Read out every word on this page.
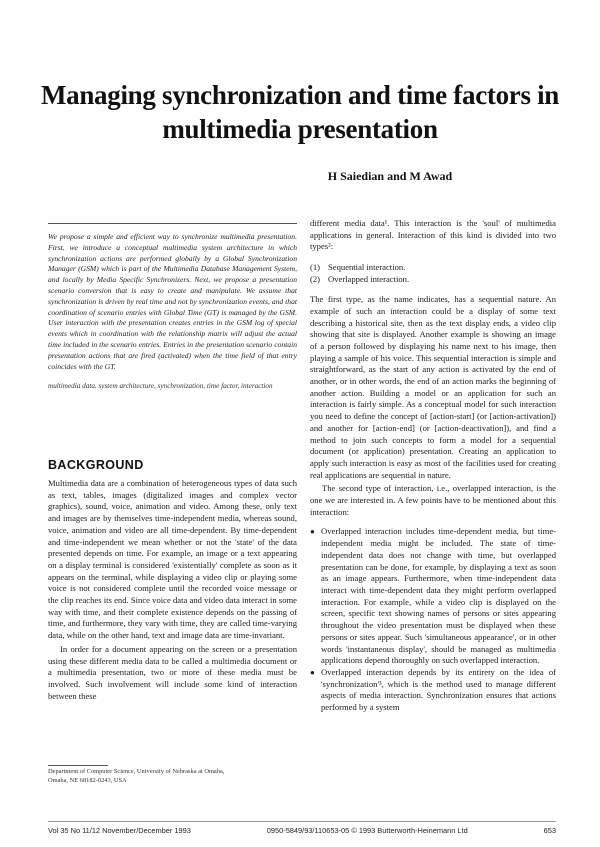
Managing synchronization and time factors in multimedia presentation
H Saiedian and M Awad

We propose a simple and efficient way to synchronize multimedia presentation. First, we introduce a conceptual multimedia system architecture in which synchronization actions are performed globally by a Global Synchronization Manager (GSM) which is part of the Multimedia Database Management System, and locally by Media Specific Synchronizers. Next, we propose a presentation scenario conversion that is easy to create and manipulate. We assume that synchronization is driven by real time and not by synchronization events, and that coordination of scenario entries with Global Time (GT) is managed by the GSM. User interaction with the presentation creates entries in the GSM log of special events which in coordination with the relationship matrix will adjust the actual time included in the scenario entries. Entries in the presentation scenario contain presentation actions that are fired (activated) when the time field of that entry coincides with the GT.

multimedia data, system architecture, synchronization, time factor, interaction

BACKGROUND

Multimedia data are a combination of heterogeneous types of data such as text, tables, images (digitalized images and complex vector graphics), sound, voice, animation and video. Among these, only text and images are by themselves time-independent media, whereas sound, voice, animation and video are all time-dependent. By time-dependent and time-independent we mean whether or not the 'state' of the data presented depends on time. For example, an image or a text appearing on a display terminal is considered 'existentially' complete as soon as it appears on the terminal, while displaying a video clip or playing some voice is not considered complete until the recorded voice message or the clip reaches its end. Since voice data and video data interact in some way with time, and their complete existence depends on the passing of time, and furthermore, they vary with time, they are called time-varying data, while on the other hand, text and image data are time-invariant.

In order for a document appearing on the screen or a presentation using these different media data to be called a multimedia document or a multimedia presentation, two or more of these media must be involved. Such involvement will include some kind of interaction between these

Department of Computer Science, University of Nebraska at Omaha,
Omaha, NE 68182-0243, USA

different media data¹. This interaction is the 'soul' of multimedia applications in general. Interaction of this kind is divided into two types²:

(1) Sequential interaction.
(2) Overlapped interaction.

The first type, as the name indicates, has a sequential nature. An example of such an interaction could be a display of some text describing a historical site, then as the text display ends, a video clip showing that site is displayed. Another example is showing an image of a person followed by displaying his name next to his image, then playing a sample of his voice. This sequential interaction is simple and straightforward, as the start of any action is activated by the end of another, or in other words, the end of an action marks the beginning of another action. Building a model or an application for such an interaction is fairly simple. As a conceptual model for such interaction you need to define the concept of [action-start] (or [action-activation]) and another for [action-end] (or [action-deactivation]), and find a method to join such concepts to form a model for a sequential document (or application) presentation. Creating an application to apply such interaction is easy as most of the facilities used for creating real applications are sequential in nature.

The second type of interaction, i.e., overlapped interaction, is the one we are interested in. A few points have to be mentioned about this interaction:

● Overlapped interaction includes time-dependent media, but time-independent media might be included. The state of time-independent data does not change with time, but overlapped presentation can be done, for example, by displaying a text as soon as an image appears. Furthermore, when time-independent data interact with time-dependent data they might perform overlapped interaction. For example, while a video clip is displayed on the screen, specific text showing names of persons or sites appearing throughout the video presentation must be displayed when these persons or sites appear. Such 'simultaneous appearance', or in other words 'instantaneous display', should be managed as multimedia applications depend thoroughly on such overlapped interaction.
● Overlapped interaction depends by its entirety on the idea of 'synchronization'³, which is the method used to manage different aspects of media interaction. Synchronization ensures that actions performed by a system
Vol 35 No 11/12 November/December 1993	0950-5849/93/110653-05 © 1993 Butterworth-Heinemann Ltd	653
